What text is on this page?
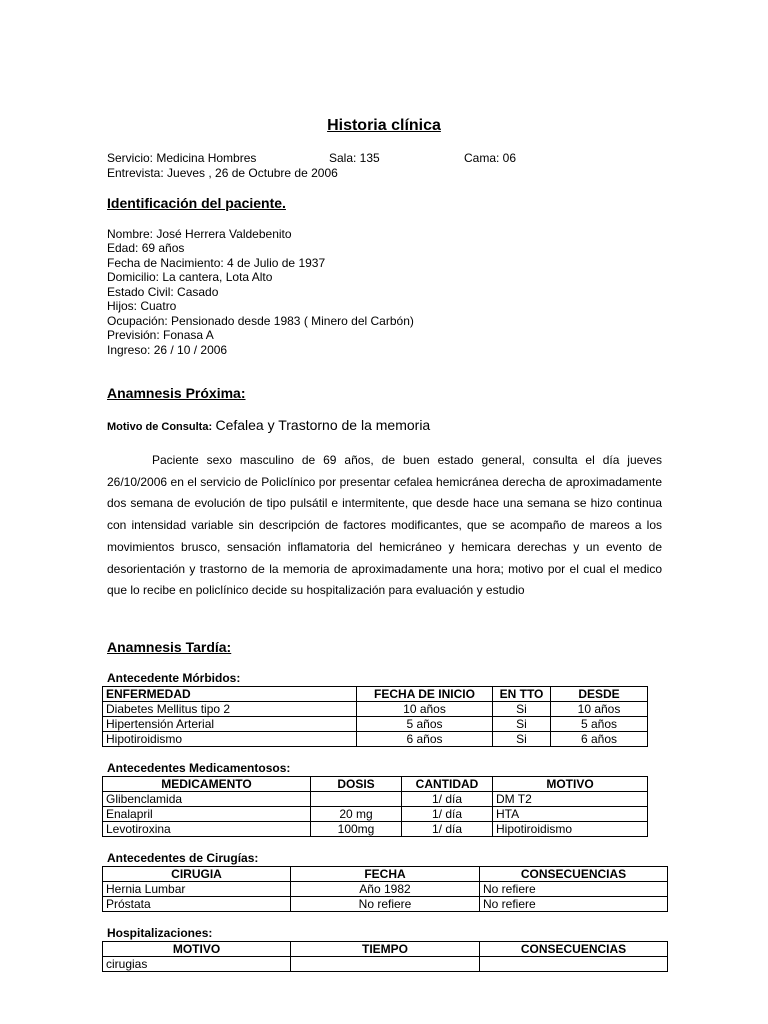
Historia clínica
Servicio: Medicina Hombres	Sala: 135	Cama: 06
Entrevista: Jueves , 26 de Octubre de 2006
Identificación del paciente.
Nombre: José Herrera Valdebenito
Edad: 69 años
Fecha de Nacimiento: 4 de Julio de 1937
Domicilio: La cantera, Lota Alto
Estado Civil: Casado
Hijos: Cuatro
Ocupación: Pensionado desde 1983 ( Minero del Carbón)
Previsión: Fonasa A
Ingreso: 26 / 10 / 2006
Anamnesis Próxima:
Motivo de Consulta: Cefalea y Trastorno de la memoria
Paciente sexo masculino de 69 años, de buen estado general, consulta el día jueves 26/10/2006 en el servicio de Policlínico por presentar cefalea hemicránea derecha de aproximadamente dos semana de evolución de tipo pulsátil e intermitente, que desde hace una semana se hizo continua con intensidad variable sin descripción de factores modificantes, que se acompaño de mareos a los movimientos brusco, sensación inflamatoria del hemicráneo y hemicara derechas y un evento de desorientación y trastorno de la memoria de aproximadamente una hora; motivo por el cual el medico que lo recibe en policlínico decide su hospitalización para evaluación y estudio
Anamnesis Tardía:
Antecedente Mórbidos:
ENFERMEDAD	FECHA DE INICIO	EN TTO	DESDE
Diabetes Mellitus tipo 2	10 años	Si	10 años
Hipertensión Arterial	5 años	Si	5 años
Hipotiroidismo	6 años	Si	6 años
Antecedentes Medicamentosos:
MEDICAMENTO	DOSIS	CANTIDAD	MOTIVO
Glibenclamida		1/ día	DM T2
Enalapril	20 mg	1/ día	HTA
Levotiroxina	100mg	1/ día	Hipotiroidismo
Antecedentes de Cirugías:
CIRUGIA	FECHA	CONSECUENCIAS
Hernia Lumbar	Año 1982	No refiere
Próstata	No refiere	No refiere
Hospitalizaciones:
MOTIVO	TIEMPO	CONSECUENCIAS
cirugias		
